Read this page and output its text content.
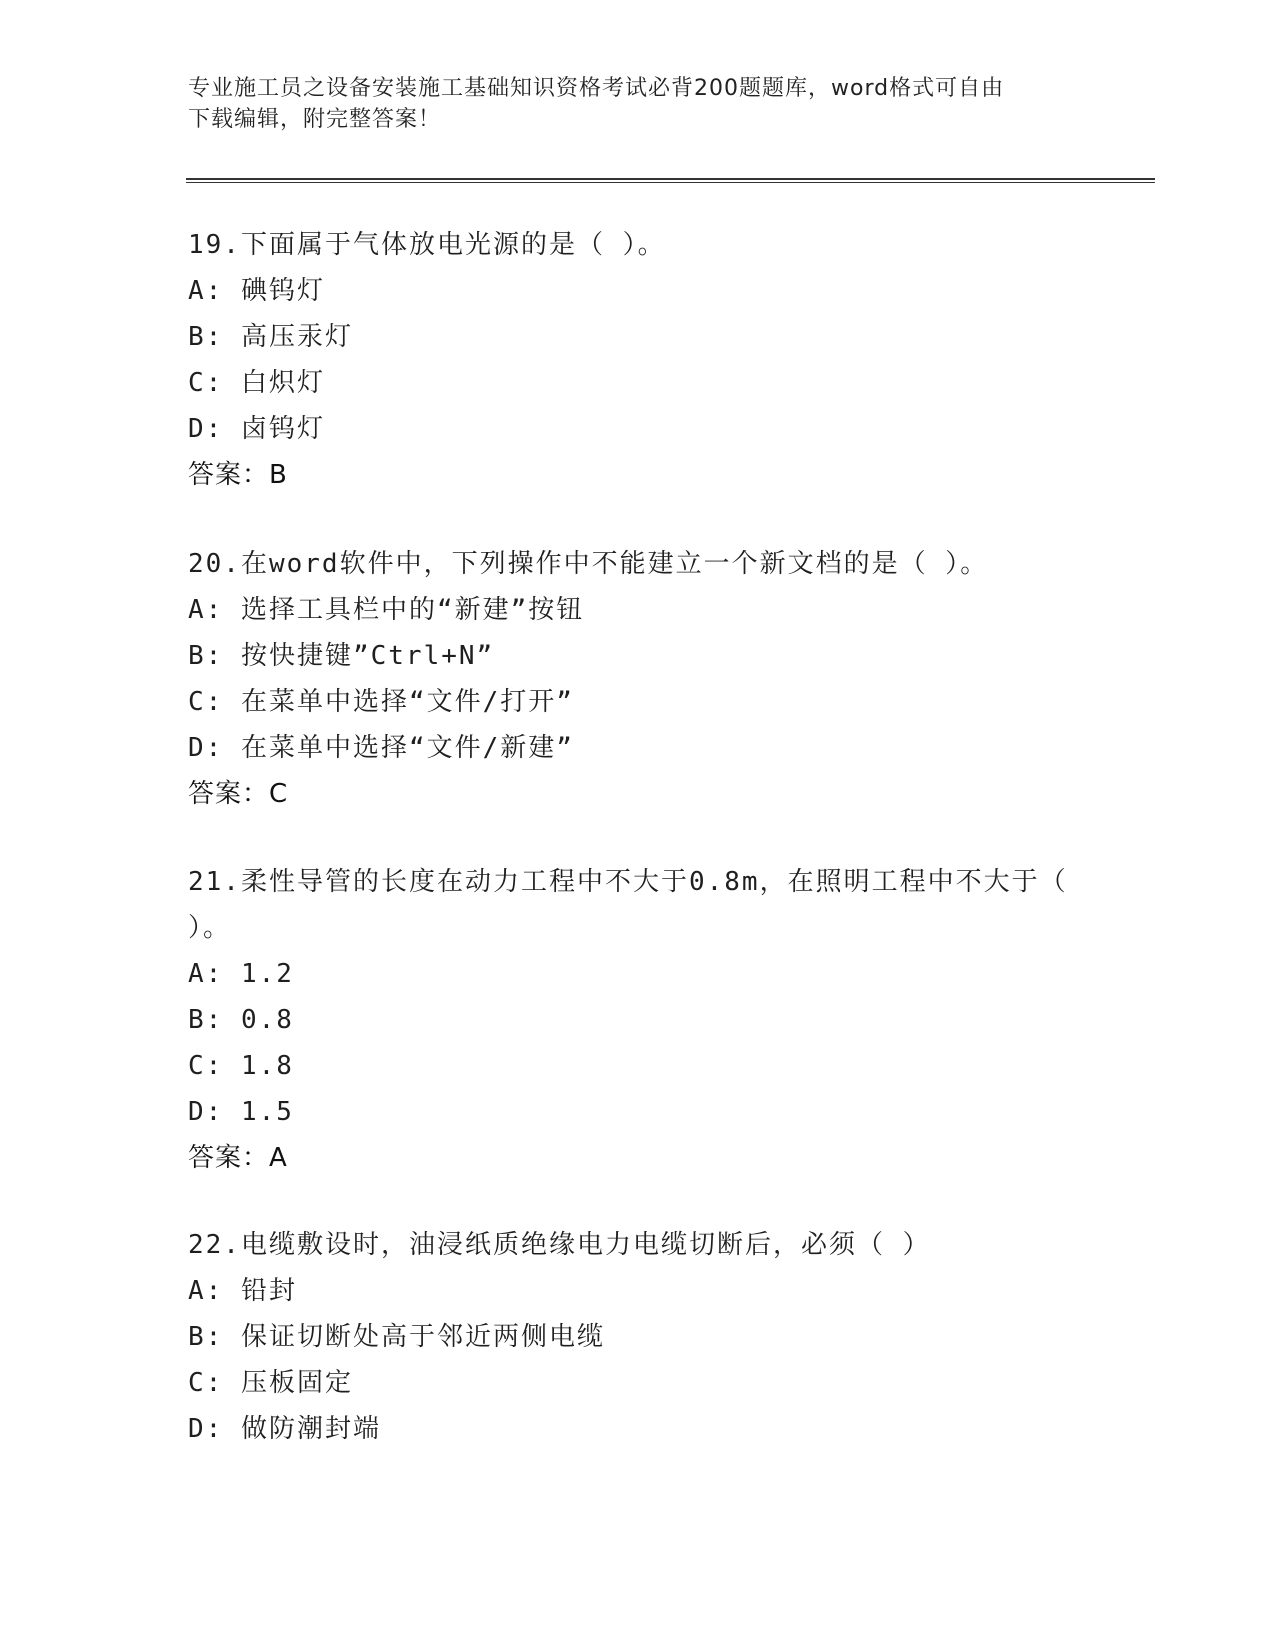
专业施工员之设备安装施工基础知识资格考试必背200题题库，word格式可自由
下载编辑，附完整答案！
19.下面属于气体放电光源的是（ ）。
A: 碘钨灯
B: 高压汞灯
C: 白炽灯
D: 卤钨灯
答案：B
20.在word软件中，下列操作中不能建立一个新文档的是（ ）。
A: 选择工具栏中的“新建”按钮
B: 按快捷键”Ctrl+N”
C: 在菜单中选择“文件/打开”
D: 在菜单中选择“文件/新建”
答案：C
21.柔性导管的长度在动力工程中不大于0.8m，在照明工程中不大于（
）。
A: 1.2
B: 0.8
C: 1.8
D: 1.5
答案：A
22.电缆敷设时，油浸纸质绝缘电力电缆切断后，必须（ ）
A: 铅封
B: 保证切断处高于邻近两侧电缆
C: 压板固定
D: 做防潮封端
